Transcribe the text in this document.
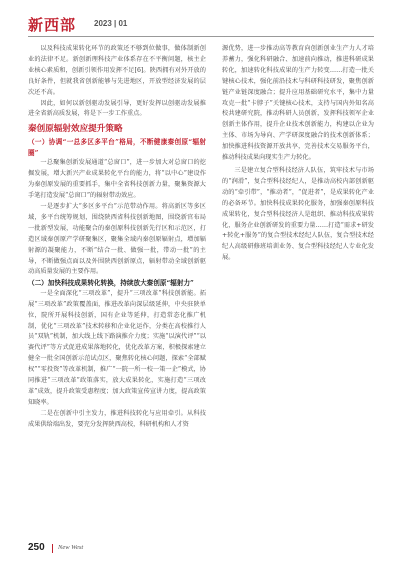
新西部 2023 | 01

以及科技成果转化环节的政策还不够到位做事，做体制新创业的法律不足。新创新理科技产业体系存在不平衡问题，核主企业核心素质和，创新引领作用发挥不足[6]。陕西拥有对外开放的良好条件，但就我省创新能够与先进地区，开放型经济发展的层次还不高。

因此，如何以新创驱动发展引导，更好发挥以创驱动发展推进全省新高质发展，将是下一步工作重点。

秦创原辐射效应提升策略

（一）协调“一总多区多平台”格局，不断健康秦创原“辐射圈”

一总聚集创新发展通道“总窗口”，进一步加大对总窗口的挖掘发展，增大新兴产业成果转化平台的能力，将“以中心”建设作为秦创原发展的重要抓手，集中全省科技创新力量，聚集资源大手笔打造发展“总窗口”的辐射带动效应。

一是逐步扩大“多区多平台”示范带动作用。将高新区等多区域，多平台统筹规划，围绕陕西省科技创新地图，围绕新官布局一批新型发展，功能聚合的秦创原科技创新先行区和示范区，打造区域秦创原产学研聚集区，聚集全域内秦创原辐射点，增加辐射源的凝聚能力，不断“结合一批、做强一批，带动一批”的主导，不断做强点面以及外围陕西创新原点，辐射带动全域创新驱动高质量发展的主要作用。

（二）加快科技成果转化转换，持续放大秦创原“辐射力”

一是全面深化“三项改革”，提升“三项改革”科技创新能。拓展“三项改革”政策覆盖面，推进改革向深层级延伸，中央驻陕单位，院所开展科技创新，国有企业等延伸，打造常态化推广机制，优化“三项改革”技术转移和企业化运作，分类在高校推行人员“双轨”机制，加大线上线下路演推介力度；实施“以演代评”“以赛代评”等方式促进成果落地转化，优化改革方案，积极探索建立健全一批全国创新示范试点区，聚焦转化核心问题，探索“全部赋权”“零投资”等改革机制，推广“一院一所一校一策一企”模式，协同推进“三项改革”政策落实，放大成果转化，实施打造“三项改革”成效，提升政策受惠程度；加大政策宣传宣讲力度，提高政策知晓率。

二是在创新中引主发力，推进科技转化与应用牵引。从科技成果供给端出发，要充分发挥陕西高校，科研机构和人才资

源优势，进一步推动高等教育向创新创业生产力人才培养蓄力，强化科研融合、加速前向推动，推进科研成果转化，加速转化科技成果的生产力转变……打造一批关键核心技术，强化前沿技术与科研科技研发，聚焦创新链产业链深度融合；提升应用基础研究水平，集中力量攻克一批“卡脖子”关键核心技术，支持与国内外知名高校共建研究院，推动科研人员创新，发挥科技领军企业创新主体作用，提升企业技术创新能力，构建以企业为主体、市场为导向、产学研深度融合的技术创新体系；加快推进科技资源开放共享，完善技术交易服务平台，推动科技成果向现实生产力转化。

三是建立复合型科技经济人队伍，筑牢技术与市场的“润滑”，复合型科技经纪人，是推动高校内部创新驱动的“牵引带”，“推动者”，“促进者”，是成果转化产业的必备环节。加快科技成果转化服务，加强秦创原科技成果转化，复合型科技经济人是组织、推动科技成果转化，服务企业创新研发的重要力量……打造“需求+研发+转化+服务”的复合型技术经纪人队伍，复合型技术经纪人高级研修班培训业务、复合型科技经纪人专业化发展。

250 New West
